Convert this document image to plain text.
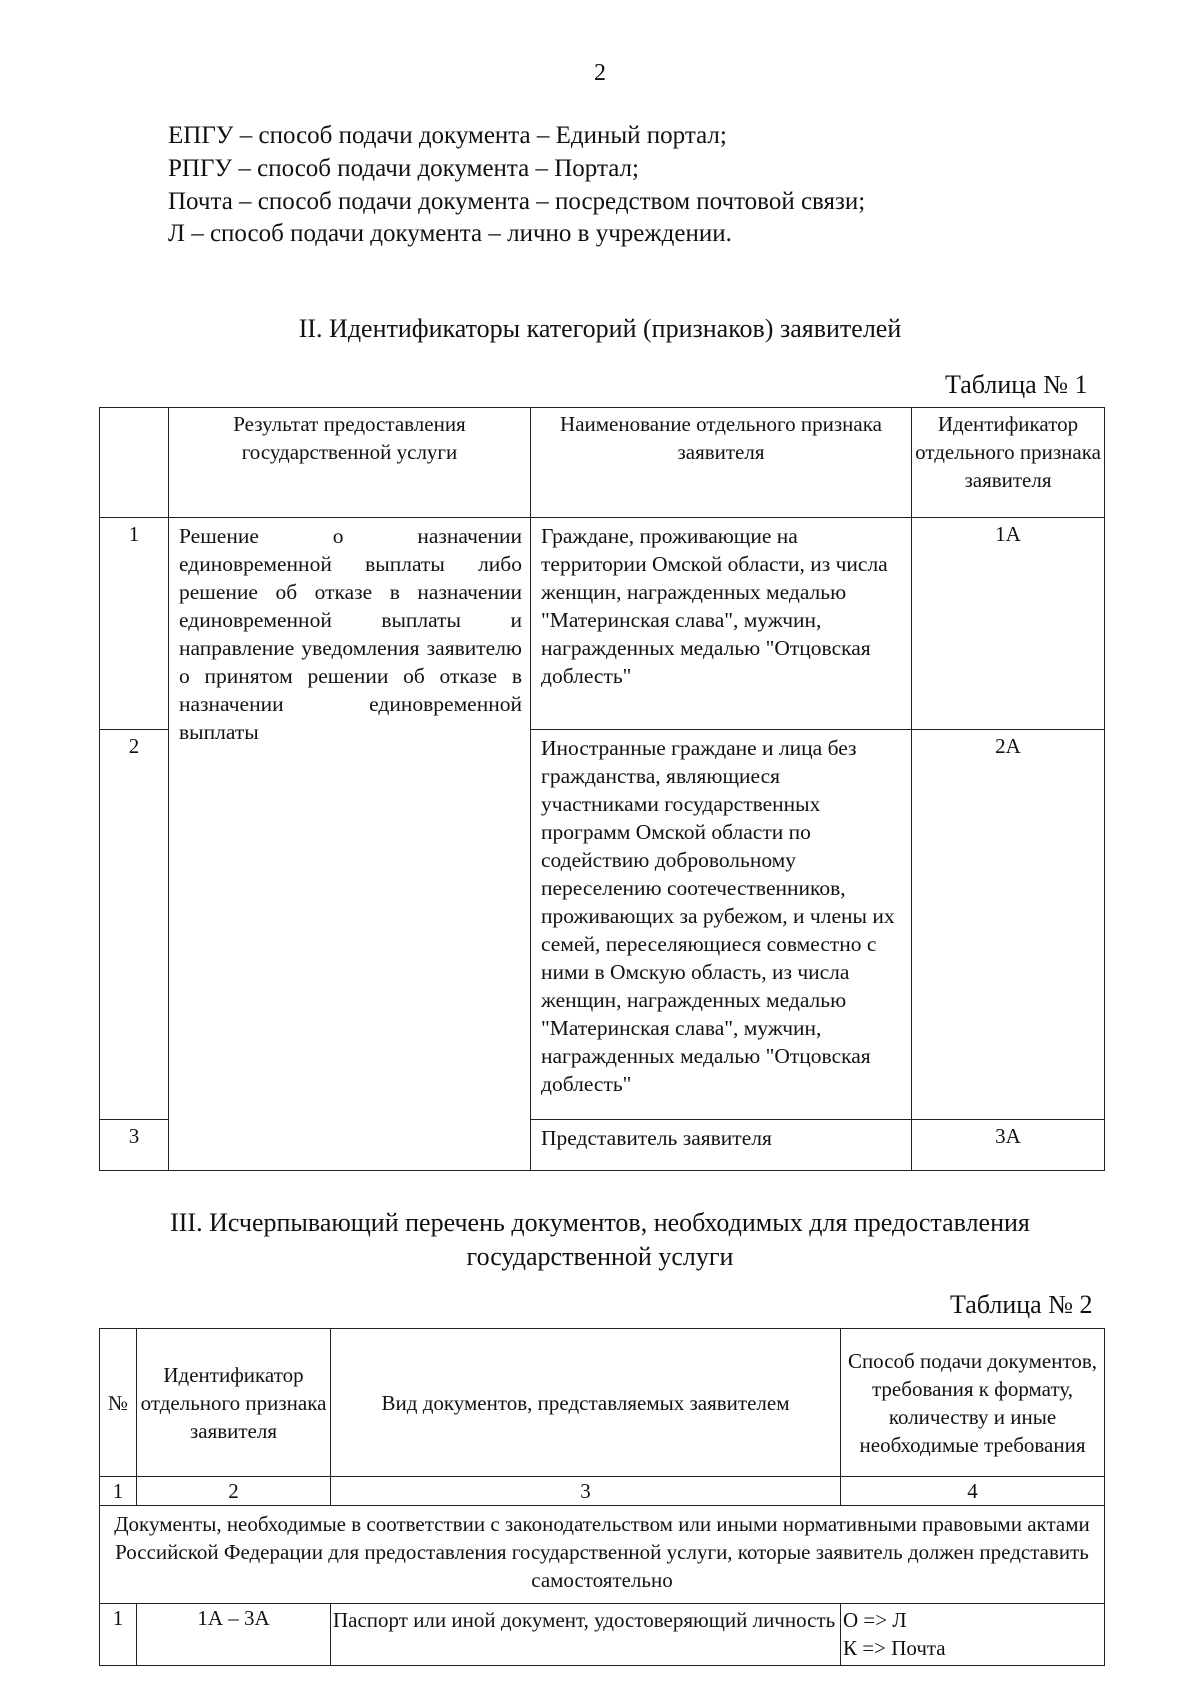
2
ЕПГУ – способ подачи документа – Единый портал;
РПГУ – способ подачи документа – Портал;
Почта – способ подачи документа – посредством почтовой связи;
Л – способ подачи документа – лично в учреждении.
II. Идентификаторы категорий (признаков) заявителей
Таблица № 1
	Результат предоставления государственной услуги	Наименование отдельного признака заявителя	Идентификатор отдельного признака заявителя
1	Решение о назначении единовременной выплаты либо решение об отказе в назначении единовременной выплаты и направление уведомления заявителю о принятом решении об отказе в назначении единовременной выплаты	Граждане, проживающие на территории Омской области, из числа женщин, награжденных медалью "Материнская слава", мужчин, награжденных медалью "Отцовская доблесть"	1А
2		Иностранные граждане и лица без гражданства, являющиеся участниками государственных программ Омской области по содействию добровольному переселению соотечественников, проживающих за рубежом, и члены их семей, переселяющиеся совместно с ними в Омскую область, из числа женщин, награжденных медалью "Материнская слава", мужчин, награжденных медалью "Отцовская доблесть"	2А
3		Представитель заявителя	3А
III. Исчерпывающий перечень документов, необходимых для предоставления
государственной услуги
Таблица № 2
№	Идентификатор отдельного признака заявителя	Вид документов, представляемых заявителем	Способ подачи документов, требования к формату, количеству и иные необходимые требования
1	2	3	4
Документы, необходимые в соответствии с законодательством или иными нормативными правовыми актами Российской Федерации для предоставления государственной услуги, которые заявитель должен представить самостоятельно			
1	1А – 3А	Паспорт или иной документ, удостоверяющий личность	О => Л
К => Почта
